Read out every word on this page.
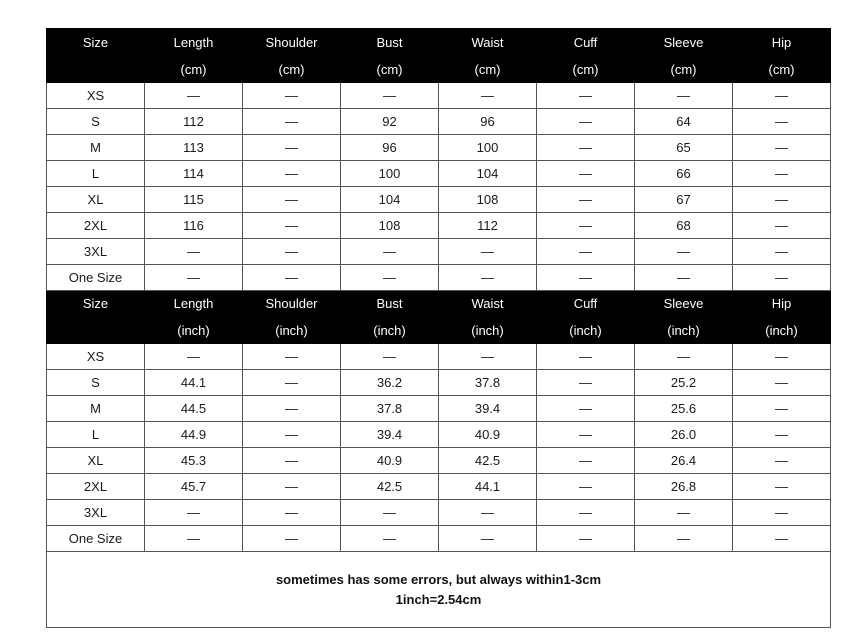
Size	Length	Shoulder	Bust	Waist	Cuff	Sleeve	Hip
	(cm)	(cm)	(cm)	(cm)	(cm)	(cm)	(cm)
XS	—	—	—	—	—	—	—
S	112	—	92	96	—	64	—
M	113	—	96	100	—	65	—
L	114	—	100	104	—	66	—
XL	115	—	104	108	—	67	—
2XL	116	—	108	112	—	68	—
3XL	—	—	—	—	—	—	—
One Size	—	—	—	—	—	—	—
Size	Length	Shoulder	Bust	Waist	Cuff	Sleeve	Hip
	(inch)	(inch)	(inch)	(inch)	(inch)	(inch)	(inch)
XS	—	—	—	—	—	—	—
S	44.1	—	36.2	37.8	—	25.2	—
M	44.5	—	37.8	39.4	—	25.6	—
L	44.9	—	39.4	40.9	—	26.0	—
XL	45.3	—	40.9	42.5	—	26.4	—
2XL	45.7	—	42.5	44.1	—	26.8	—
3XL	—	—	—	—	—	—	—
One Size	—	—	—	—	—	—	—
sometimes has some errors, but always within1-3cm
1inch=2.54cm
